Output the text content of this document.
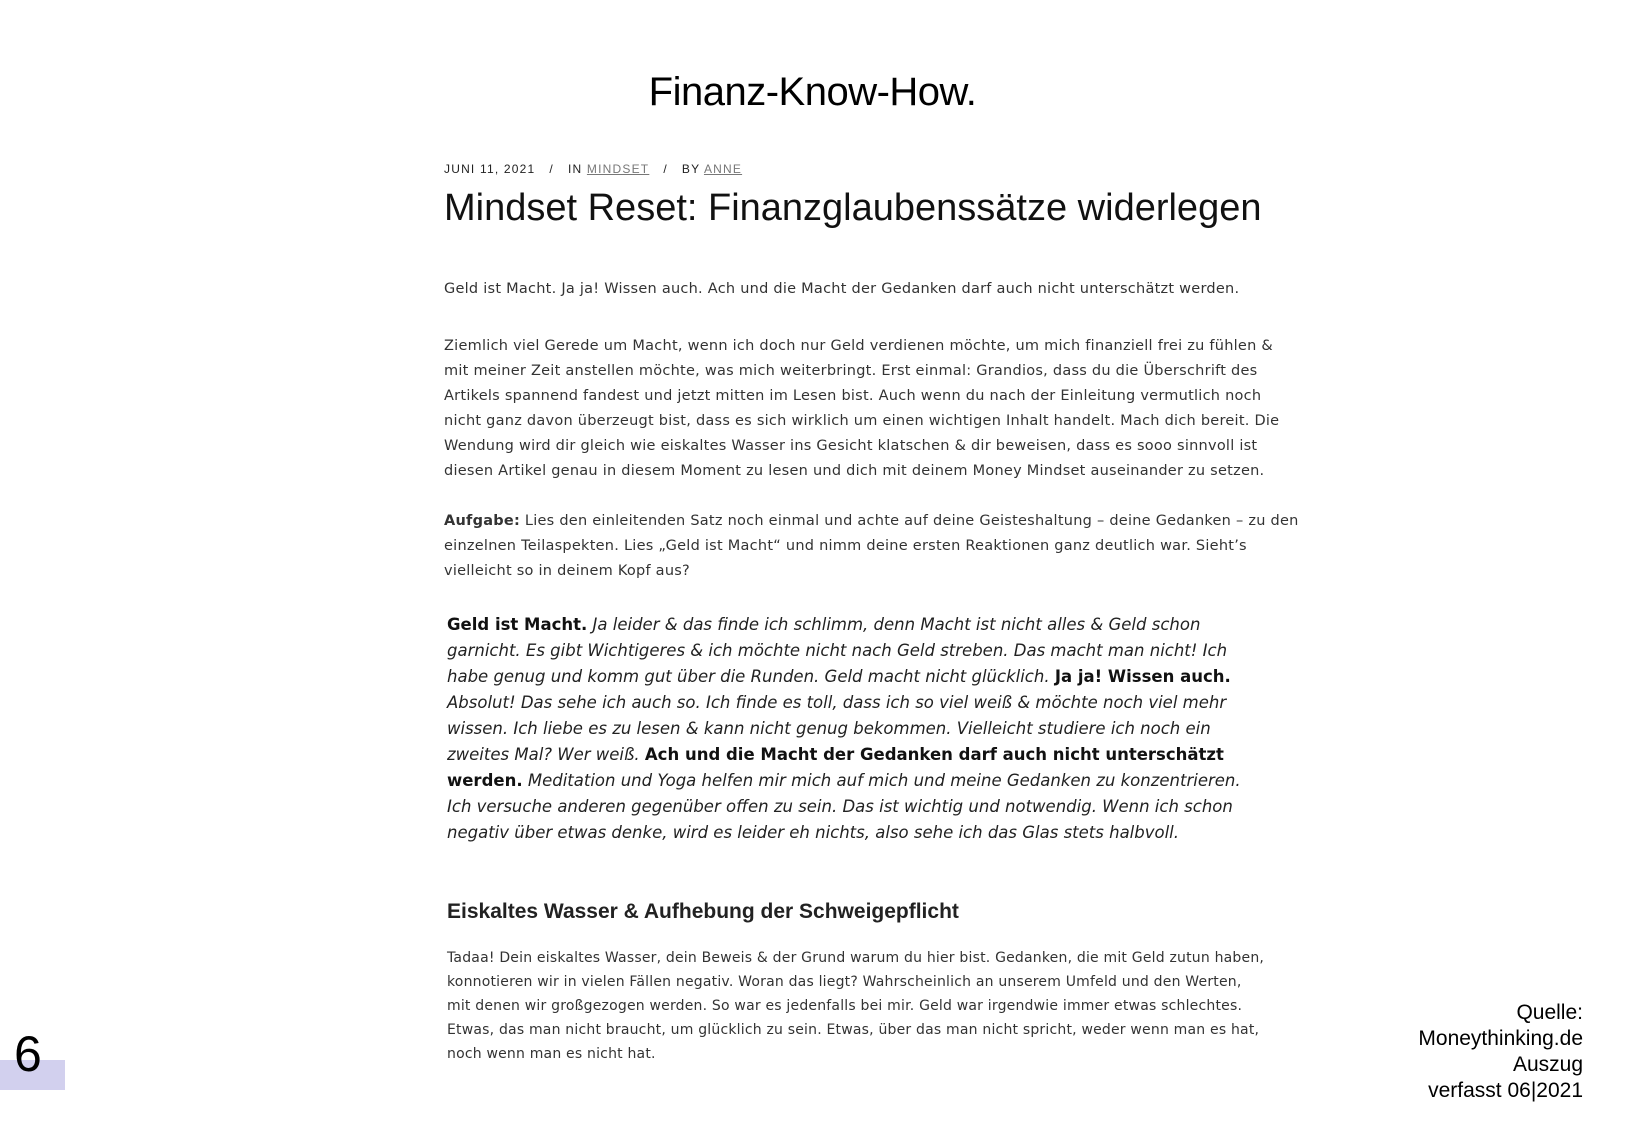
Finanz-Know-How.
JUNI 11, 2021 / IN MINDSET / BY ANNE
Mindset Reset: Finanzglaubenssätze widerlegen

Geld ist Macht. Ja ja! Wissen auch. Ach und die Macht der Gedanken darf auch nicht unterschätzt werden.

Ziemlich viel Gerede um Macht, wenn ich doch nur Geld verdienen möchte, um mich finanziell frei zu fühlen & mit meiner Zeit anstellen möchte, was mich weiterbringt. Erst einmal: Grandios, dass du die Überschrift des Artikels spannend fandest und jetzt mitten im Lesen bist. Auch wenn du nach der Einleitung vermutlich noch nicht ganz davon überzeugt bist, dass es sich wirklich um einen wichtigen Inhalt handelt. Mach dich bereit. Die Wendung wird dir gleich wie eiskaltes Wasser ins Gesicht klatschen & dir beweisen, dass es sooo sinnvoll ist diesen Artikel genau in diesem Moment zu lesen und dich mit deinem Money Mindset auseinander zu setzen.

Aufgabe: Lies den einleitenden Satz noch einmal und achte auf deine Geisteshaltung – deine Gedanken – zu den einzelnen Teilaspekten. Lies „Geld ist Macht“ und nimm deine ersten Reaktionen ganz deutlich war. Sieht’s vielleicht so in deinem Kopf aus?

Geld ist Macht. Ja leider & das finde ich schlimm, denn Macht ist nicht alles & Geld schon garnicht. Es gibt Wichtigeres & ich möchte nicht nach Geld streben. Das macht man nicht! Ich habe genug und komm gut über die Runden. Geld macht nicht glücklich. Ja ja! Wissen auch. Absolut! Das sehe ich auch so. Ich finde es toll, dass ich so viel weiß & möchte noch viel mehr wissen. Ich liebe es zu lesen & kann nicht genug bekommen. Vielleicht studiere ich noch ein zweites Mal? Wer weiß. Ach und die Macht der Gedanken darf auch nicht unterschätzt werden. Meditation und Yoga helfen mir mich auf mich und meine Gedanken zu konzentrieren. Ich versuche anderen gegenüber offen zu sein. Das ist wichtig und notwendig. Wenn ich schon negativ über etwas denke, wird es leider eh nichts, also sehe ich das Glas stets halbvoll.

Eiskaltes Wasser & Aufhebung der Schweigepflicht

Tadaa! Dein eiskaltes Wasser, dein Beweis & der Grund warum du hier bist. Gedanken, die mit Geld zutun haben, konnotieren wir in vielen Fällen negativ. Woran das liegt? Wahrscheinlich an unserem Umfeld und den Werten, mit denen wir großgezogen werden. So war es jedenfalls bei mir. Geld war irgendwie immer etwas schlechtes. Etwas, das man nicht braucht, um glücklich zu sein. Etwas, über das man nicht spricht, weder wenn man es hat, noch wenn man es nicht hat.

6
Quelle:
Moneythinking.de
Auszug
verfasst 06|2021
